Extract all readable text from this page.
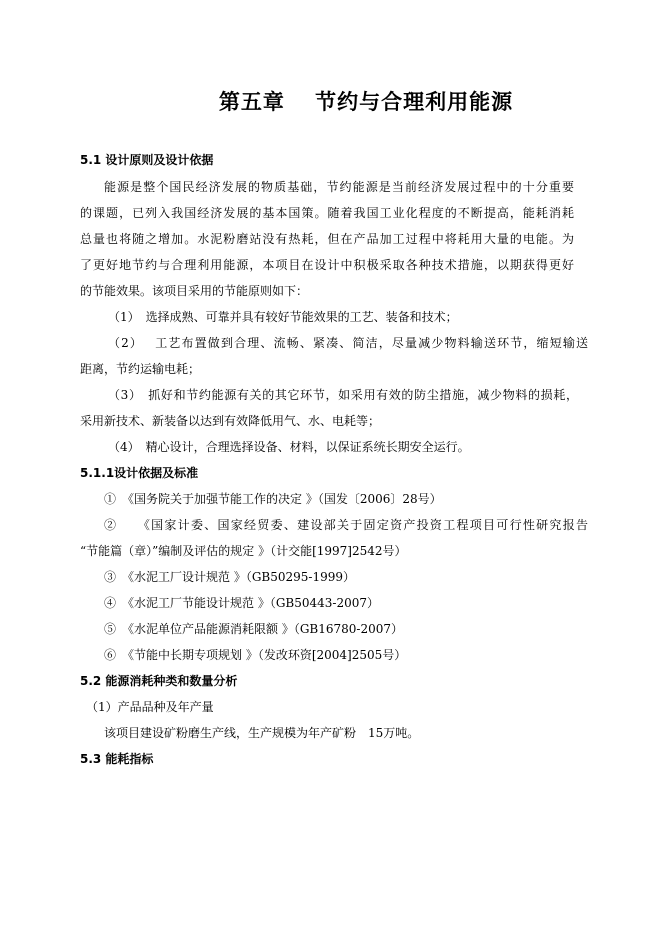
第五章　 节约与合理利用能源
5.1 设计原则及设计依据
能源是整个国民经济发展的物质基础，节约能源是当前经济发展过程中的十分重要
的课题，已列入我国经济发展的基本国策。随着我国工业化程度的不断提高，能耗消耗
总量也将随之增加。水泥粉磨站没有热耗，但在产品加工过程中将耗用大量的电能。为
了更好地节约与合理利用能源，本项目在设计中积极采取各种技术措施，以期获得更好
的节能效果。该项目采用的节能原则如下：
（1）　选择成熟、可靠并具有较好节能效果的工艺、装备和技术；
（2）　 工艺布置做到合理、流畅、紧凑、简洁，尽量减少物料输送环节，缩短输送
距离，节约运输电耗；
（3）　抓好和节约能源有关的其它环节，如采用有效的防尘措施，减少物料的损耗，
采用新技术、新装备以达到有效降低用气、水、电耗等；
（4）　精心设计，合理选择设备、材料，以保证系统长期安全运行。
5.1.1设计依据及标准
①　《国务院关于加强节能工作的决定 》（国发〔2006〕28号）
②　　《国家计委、国家经贸委、建设部关于固定资产投资工程项目可行性研究报告
“节能篇（章）”编制及评估的规定 》（计交能[1997]2542号）
③　《水泥工厂设计规范 》（GB50295-1999）
④　《水泥工厂节能设计规范 》（GB50443-2007）
⑤　《水泥单位产品能源消耗限额 》（GB16780-2007）
⑥　《节能中长期专项规划 》（发改环资[2004]2505号）
5.2 能源消耗种类和数量分析
（1）产品品种及年产量
该项目建设矿粉磨生产线，生产规模为年产矿粉　15万吨。
5.3 能耗指标
